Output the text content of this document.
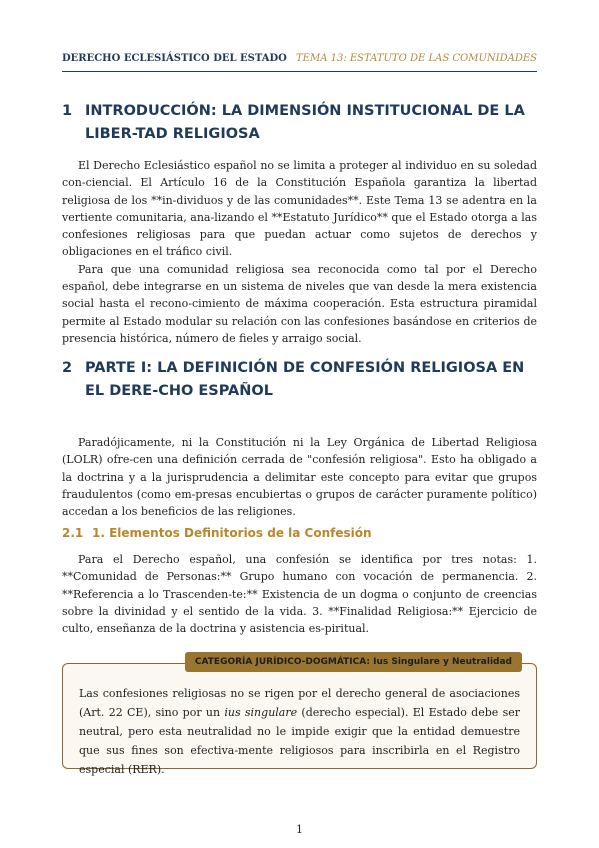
DERECHO ECLESIÁSTICO DEL ESTADO TEMA 13: ESTATUTO DE LAS COMUNIDADES
1 INTRODUCCIÓN: LA DIMENSIÓN INSTITUCIONAL DE LA LIBER-TAD RELIGIOSA

El Derecho Eclesiástico español no se limita a proteger al individuo en su soledad con-ciencial. El Artículo 16 de la Constitución Española garantiza la libertad religiosa de los **in-dividuos y de las comunidades**. Este Tema 13 se adentra en la vertiente comunitaria, ana-lizando el **Estatuto Jurídico** que el Estado otorga a las confesiones religiosas para que puedan actuar como sujetos de derechos y obligaciones en el tráfico civil.

Para que una comunidad religiosa sea reconocida como tal por el Derecho español, debe integrarse en un sistema de niveles que van desde la mera existencia social hasta el recono-cimiento de máxima cooperación. Esta estructura piramidal permite al Estado modular su relación con las confesiones basándose en criterios de presencia histórica, número de fieles y arraigo social.

2 PARTE I: LA DEFINICIÓN DE CONFESIÓN RELIGIOSA EN EL DERE-CHO ESPAÑOL

Paradójicamente, ni la Constitución ni la Ley Orgánica de Libertad Religiosa (LOLR) ofre-cen una definición cerrada de "confesión religiosa". Esto ha obligado a la doctrina y a la jurisprudencia a delimitar este concepto para evitar que grupos fraudulentos (como em-presas encubiertas o grupos de carácter puramente político) accedan a los beneficios de las religiones.

2.1 1. Elementos Definitorios de la Confesión

Para el Derecho español, una confesión se identifica por tres notas: 1. **Comunidad de Personas:** Grupo humano con vocación de permanencia. 2. **Referencia a lo Trascenden-te:** Existencia de un dogma o conjunto de creencias sobre la divinidad y el sentido de la vida. 3. **Finalidad Religiosa:** Ejercicio de culto, enseñanza de la doctrina y asistencia es-piritual.

CATEGORÍA JURÍDICO-DOGMÁTICA: Ius Singulare y Neutralidad
Las confesiones religiosas no se rigen por el derecho general de asociaciones (Art. 22 CE), sino por un ius singulare (derecho especial). El Estado debe ser neutral, pero esta neutralidad no le impide exigir que la entidad demuestre que sus fines son efectiva-mente religiosos para inscribirla en el Registro especial (RER).
1
